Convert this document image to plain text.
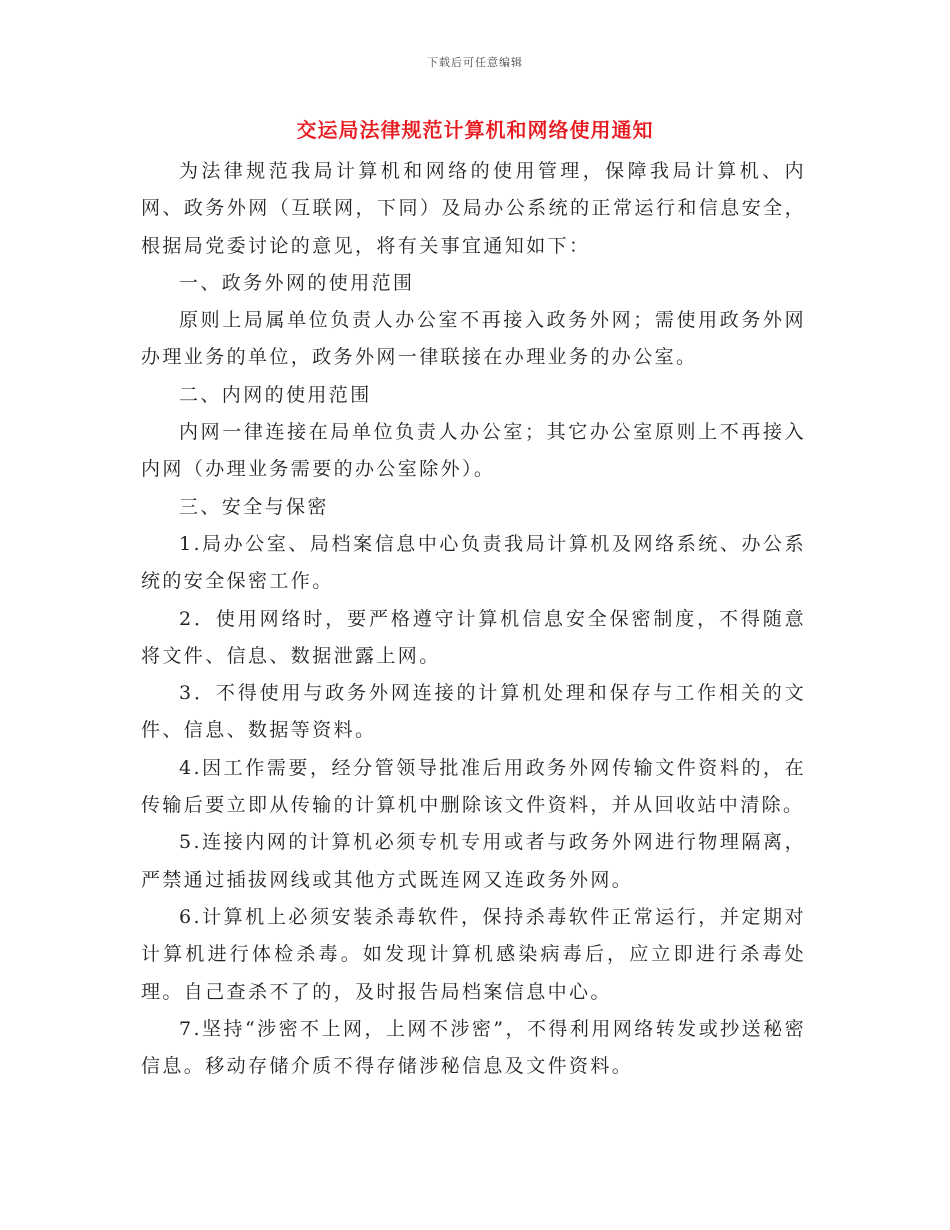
下载后可任意编辑
交运局法律规范计算机和网络使用通知

为法律规范我局计算机和网络的使用管理，保障我局计算机、内网、政务外网（互联网，下同）及局办公系统的正常运行和信息安全，根据局党委讨论的意见，将有关事宜通知如下：

一、政务外网的使用范围

原则上局属单位负责人办公室不再接入政务外网；需使用政务外网办理业务的单位，政务外网一律联接在办理业务的办公室。

二、内网的使用范围

内网一律连接在局单位负责人办公室；其它办公室原则上不再接入内网（办理业务需要的办公室除外）。

三、安全与保密

1.局办公室、局档案信息中心负责我局计算机及网络系统、办公系统的安全保密工作。

2．使用网络时，要严格遵守计算机信息安全保密制度，不得随意将文件、信息、数据泄露上网。

3．不得使用与政务外网连接的计算机处理和保存与工作相关的文件、信息、数据等资料。

4.因工作需要，经分管领导批准后用政务外网传输文件资料的，在传输后要立即从传输的计算机中删除该文件资料，并从回收站中清除。

5.连接内网的计算机必须专机专用或者与政务外网进行物理隔离，严禁通过插拔网线或其他方式既连网又连政务外网。

6.计算机上必须安装杀毒软件，保持杀毒软件正常运行，并定期对计算机进行体检杀毒。如发现计算机感染病毒后，应立即进行杀毒处理。自己查杀不了的，及时报告局档案信息中心。

7.坚持“涉密不上网，上网不涉密”，不得利用网络转发或抄送秘密信息。移动存储介质不得存储涉秘信息及文件资料。
